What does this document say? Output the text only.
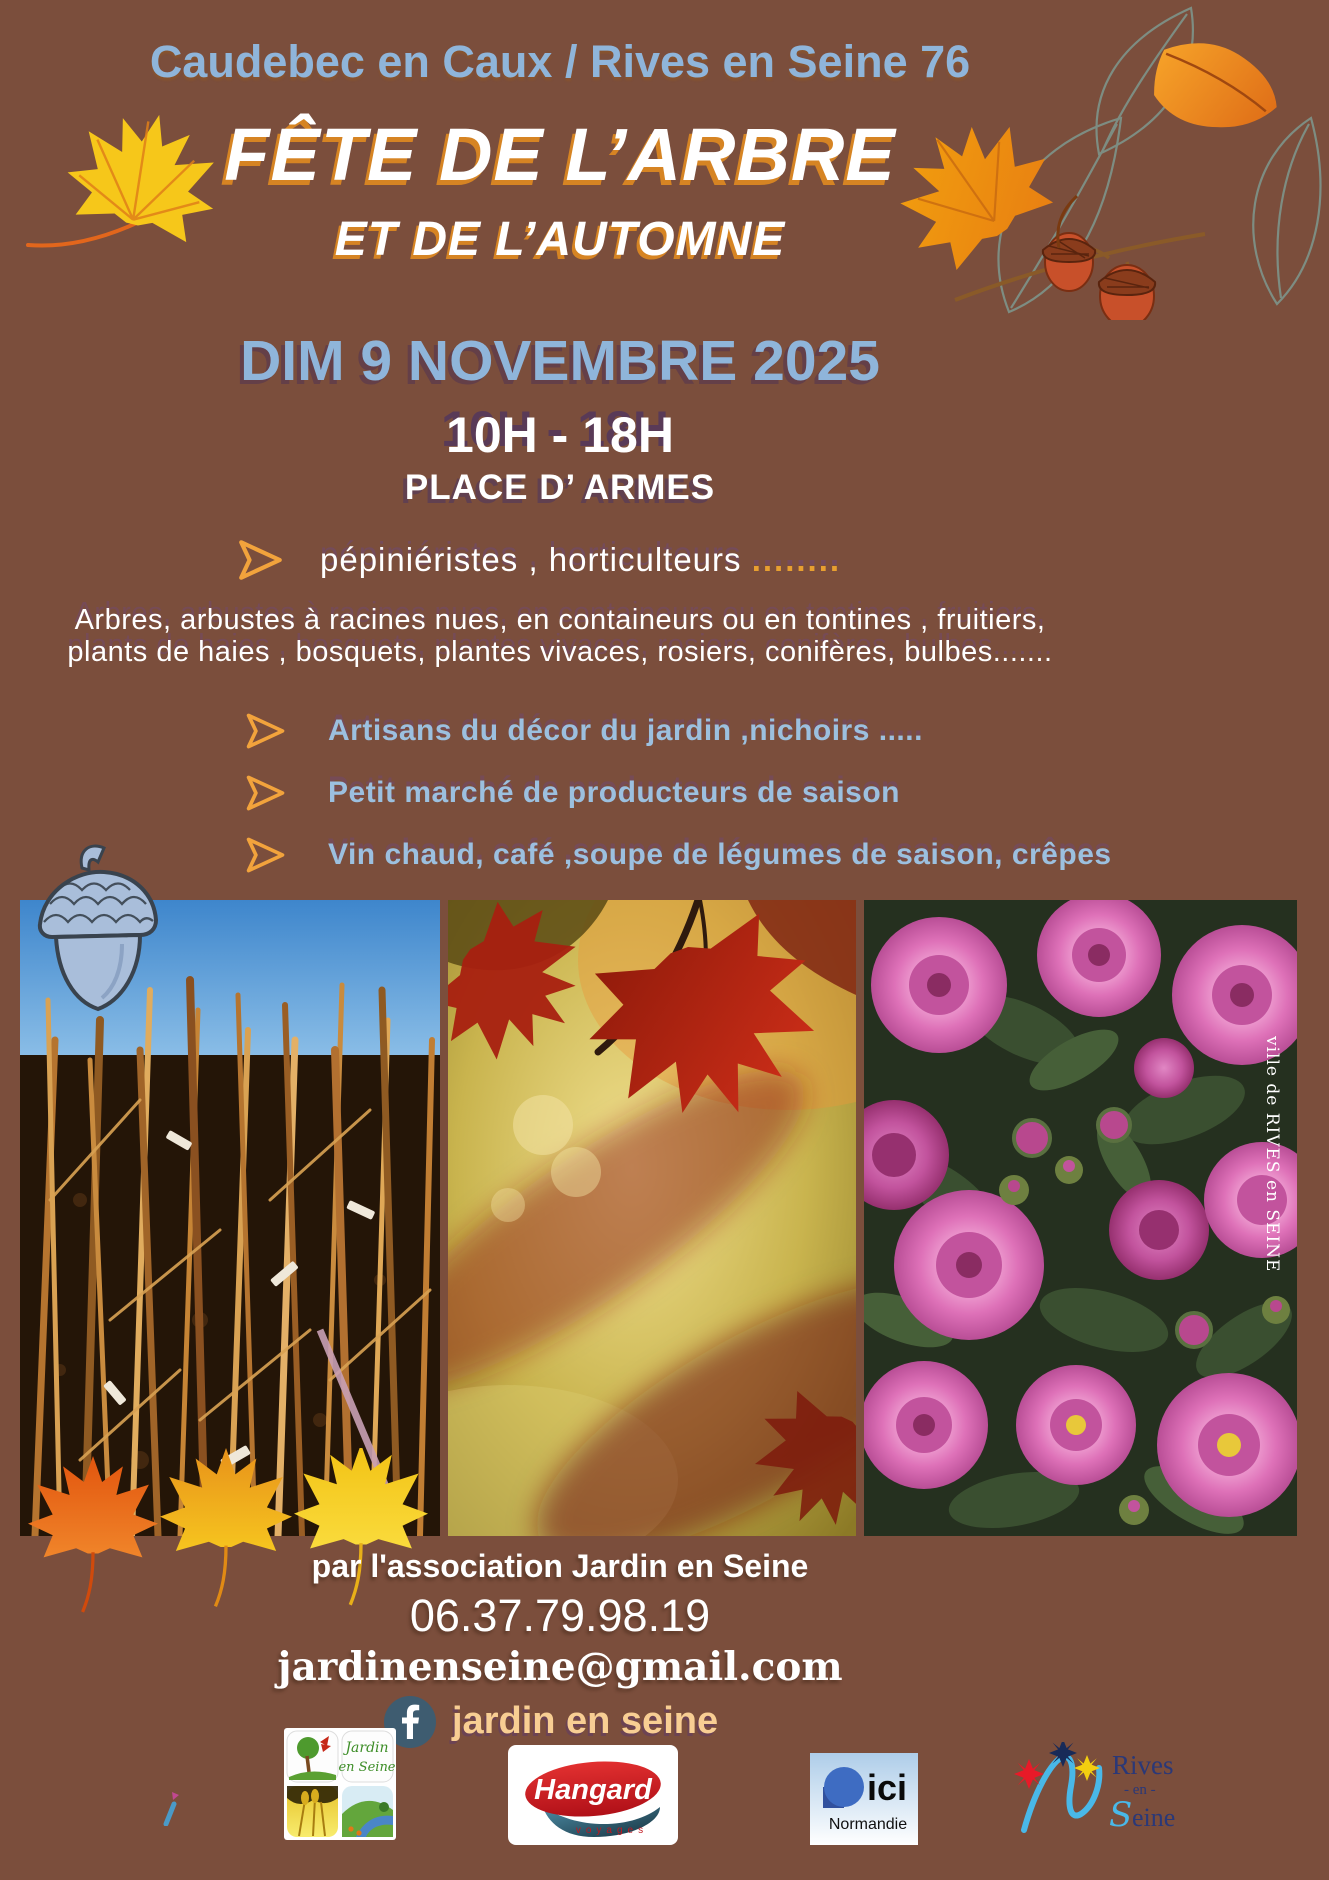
Caudebec en Caux / Rives en Seine 76
FÊTE DE L’ARBRE
ET DE L’AUTOMNE
DIM 9 NOVEMBRE 2025
10H - 18H
PLACE D’ ARMES
pépiniéristes , horticulteurs ........
Arbres, arbustes à racines nues, en containeurs ou en tontines , fruitiers,
plants de haies , bosquets, plantes vivaces, rosiers, conifères, bulbes.......
Artisans du décor du jardin ,nichoirs .....
Petit marché de producteurs de saison
Vin chaud, café ,soupe de légumes de saison, crêpes
ville de RIVES en SEINE
par l'association Jardin en Seine
06.37.79.98.19
jardinenseine@gmail.com
jardin en seine
Jardin
en Seine
Hangard
voyages
ici
Normandie
Rives
- en -
S eine
